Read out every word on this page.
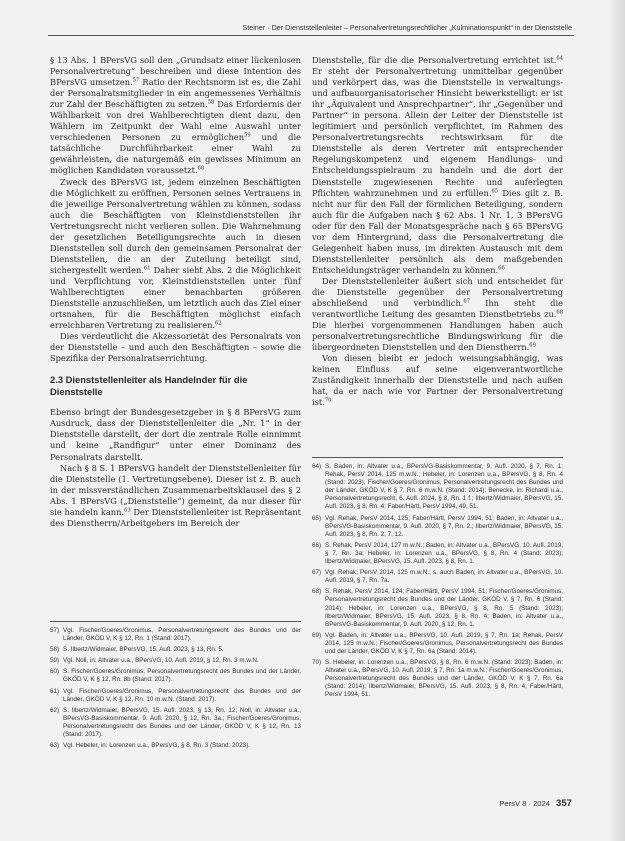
Steiner · Der Dienststellenleiter – Personalvertretungsrechtlicher „Kulminationspunkt“ in der Dienststelle

§ 13 Abs. 1 BPersVG soll den „Grundsatz einer lückenlosen Personalvertretung“ beschreiben und diese Intention des BPersVG umsetzen.$^{57}$ Ratio der Rechtsnorm ist es, die Zahl der Personalratsmitglieder in ein angemessenes Verhältnis zur Zahl der Beschäftigten zu setzen.$^{58}$ Das Erfordernis der Wählbarkeit von drei Wahlberechtigten dient dazu, den Wählern im Zeitpunkt der Wahl eine Auswahl unter verschiedenen Personen zu ermöglichen$^{59}$ und die tatsächliche Durchführbarkeit einer Wahl zu gewährleisten, die naturgemäß ein gewisses Minimum an möglichen Kandidaten voraussetzt.$^{60}$

Zweck des BPersVG ist, jedem einzelnen Beschäftigten die Möglichkeit zu eröffnen, Personen seines Vertrauens in die jeweilige Personalvertretung wählen zu können, sodass auch die Beschäftigten von Kleinstdienststellen ihr Vertretungsrecht nicht verlieren sollen. Die Wahrnehmung der gesetzlichen Beteiligungsrechte auch in diesen Dienststellen soll durch den gemeinsamen Personalrat der Dienststellen, die an der Zuteilung beteiligt sind, sichergestellt werden.$^{61}$ Daher sieht Abs. 2 die Möglichkeit und Verpflichtung vor, Kleinstdienststellen unter fünf Wahlberechtigten einer benachbarten größeren Dienststelle anzuschließen, um letztlich auch das Ziel einer ortsnahen, für die Beschäftigten möglichst einfach erreichbaren Vertretung zu realisieren.$^{62}$

Dies verdeutlicht die Akzessorietät des Personalrats von der Dienststelle – und auch den Beschäftigten – sowie die Spezifika der Personalratserrichtung.

2.3 Dienststellenleiter als Handelnder für die Dienststelle

Ebenso bringt der Bundesgesetzgeber in § 8 BPersVG zum Ausdruck, dass der Dienststellenleiter die „Nr. 1“ in der Dienststelle darstellt, der dort die zentrale Rolle einnimmt und keine „Randfigur“ unter einer Dominanz des Personalrats darstellt.

Nach § 8 S. 1 BPersVG handelt der Dienststellenleiter für die Dienststelle (1. Vertretungsebene). Dieser ist z. B. auch in der missverständlichen Zusammenarbeitsklausel des § 2 Abs. 1 BPersVG („Dienststelle“) gemeint, da nur dieser für sie handeln kann.$^{63}$ Der Dienststellenleiter ist Repräsentant des Dienstherrn/Arbeitgebers im Bereich der

Dienststelle, für die die Personalvertretung errichtet ist.$^{64}$ Er steht der Personalvertretung unmittelbar gegenüber und verkörpert das, was die Dienststelle in verwaltungs- und aufbauorganisatorischer Hinsicht bewerkstelligt: er ist ihr „Äquivalent und Ansprechpartner“, ihr „Gegenüber und Partner“ in persona. Allein der Leiter der Dienststelle ist legitimiert und persönlich verpflichtet, im Rahmen des Personalvertretungsrechts rechtswirksam für die Dienststelle als deren Vertreter mit entsprechender Regelungskompetenz und eigenem Handlungs- und Entscheidungsspielraum zu handeln und die dort der Dienststelle zugewiesenen Rechte und auferlegten Pflichten wahrzunehmen und zu erfüllen.$^{65}$ Dies gilt z. B. nicht nur für den Fall der förmlichen Beteiligung, sondern auch für die Aufgaben nach § 62 Abs. 1 Nr. 1, 3 BPersVG oder für den Fall der Monatsgespräche nach § 65 BPersVG vor dem Hintergrund, dass die Personalvertretung die Gelegenheit haben muss, im direkten Austausch mit dem Dienststellenleiter persönlich als dem maßgebenden Entscheidungsträger verhandeln zu können.$^{66}$

Der Dienststellenleiter äußert sich und entscheidet für die Dienststelle gegenüber der Personalvertretung abschließend und verbindlich.$^{67}$ Ihn steht die verantwortliche Leitung des gesamten Dienstbetriebs zu.$^{68}$ Die hierbei vorgenommenen Handlungen haben auch personalvertretungsrechtliche Bindungswirkung für die übergeordneten Dienststellen und den Dienstherrn.$^{69}$

Von diesen bleibt er jedoch weisungsabhängig, was keinen Einfluss auf seine eigenverantwortliche Zuständigkeit innerhalb der Dienststelle und nach außen hat, da er nach wie vor Partner der Personalvertretung ist.$^{70}$

57) Vgl. Fischer/Goeres/Gronimus, Personalvertretungsrecht des Bundes und der Länder, GKÖD V, K § 12, Rn. 1 (Stand: 2017).
58) S. Ilbertz/Widmaier, BPersVG, 15. Aufl. 2023, § 13, Rn. 5.
59) Vgl. Noll, in: Altvater u.a., BPersVG, 10. Aufl. 2019, § 12, Rn. 3 m.w.N.
60) S. Fischer/Goeres/Gronimus, Personalvertretungsrecht des Bundes und der Länder, GKÖD V, K § 12, Rn. 8b (Stand: 2017).
61) Vgl. Fischer/Goeres/Gronimus, Personalvertretungsrecht des Bundes und der Länder, GKÖD V, K § 12, Rn. 10 m.w.N. (Stand: 2017).
62) S. Ilbertz/Widmaier, BPersVG, 15. Aufl. 2023, § 13, Rn. 12; Noll, in: Altvater u.a., BPersVG-Basiskommentar, 9. Aufl. 2020, § 12, Rn. 3a.; Fischer/Goeres/Gronimus, Personalvertretungsrecht des Bundes und der Länder, GKÖD V, K § 12, Rn. 13 (Stand: 2017).
63) Vgl. Hebeler, in: Lorenzen u.a., BPersVG, § 8, Rn. 3 (Stand: 2023).
64) S. Baden, in: Altvater u.a., BPersVG-Basiskommentar, 9. Aufl. 2020, § 7, Rn. 1; Rehak, PersV 2014, 125 m.w.N.; Hebeler, in: Lorenzen u.a., BPersVG, § 8, Rn. 4 (Stand: 2023); Fischer/Goeres/Gronimus, Personalvertretungsrecht des Bundes und der Länder, GKÖD V, K § 7, Rn. 6 m.w.N. (Stand: 2014); Benecke, in: Richardi u.a., Personalvertretungsrecht, 6. Aufl. 2024, § 8, Rn. 1 f.; Ilbertz/Widmaier, BPersVG, 15. Aufl. 2023, § 8, Rn. 4; Faber/Härtl, PersV 1994, 49, 51.
65) Vgl. Rehak, PersV 2014, 125; Faber/Härtl, PersV 1994, 51; Baden, in: Altvater u.a., BPersVG-Basiskommentar, 9. Aufl. 2020, § 7, Rn. 2.; Ilbertz/Widmaier, BPersVG, 15. Aufl. 2023, § 8, Rn. 2, 7, 12.
66) S. Rehak, PersV 2014, 127 m.w.N.; Baden, in: Altvater u.a., BPersVG, 10. Aufl. 2019, § 7, Rn. 3a; Hebeler, in: Lorenzen u.a., BPersVG, § 8, Rn. 4 (Stand: 2023); Ilbertz/Widmaier, BPersVG, 15. Aufl. 2023, § 8, Rn. 1.
67) Vgl. Rehak, PersV 2014, 125 m.w.N.; s. auch Baden, in: Altvater u.a., BPersVG, 10. Aufl. 2019, § 7, Rn. 7a.
68) S. Rehak, PersV 2014, 124; Faber/Härtl, PersV 1994, 51; Fischer/Goeres/Gronimus, Personalvertretungsrecht des Bundes und der Länder, GKÖD V, § 7, Rn. 6 (Stand: 2014); Hebeler, in: Lorenzen u.a., BPersVG, § 8, Rn. 5 (Stand: 2023); Ilbertz/Widmaier, BPersVG, 15. Aufl. 2023, § 8, Rn. 4; Baden, in: Altvater u.a., BPersVG-Basiskommentar, 9. Aufl. 2020, § 12, Rn. 1.
69) Vgl. Baden, in: Altvater u.a., BPersVG, 10. Aufl. 2019, § 7, Rn. 1a; Rehak, PersV 2014, 125 m.w.N.; Fischer/Goeres/Gronimus, Personalvertretungsrecht des Bundes und der Länder, GKÖD V, K § 7, Rn. 6a (Stand: 2014).
70) S. Hebeler, in: Lorenzen u.a., BPersVG, § 8, Rn. 6 m.w.N. (Stand: 2023); Baden, in: Altvater u.a., BPersVG, 10. Aufl. 2019, § 7, Rn. 1a m.w.N.; Fischer/Goeres/Gronimus, Personalvertretungsrecht des Bundes und der Länder, GKÖD V, K § 7, Rn. 6a (Stand: 2014); Ilbertz/Widmaier, BPersVG, 15. Aufl. 2023, § 8, Rn. 4; Faber/Härtl, PersV 1994, 51.
PersV 8 · 2024 357
